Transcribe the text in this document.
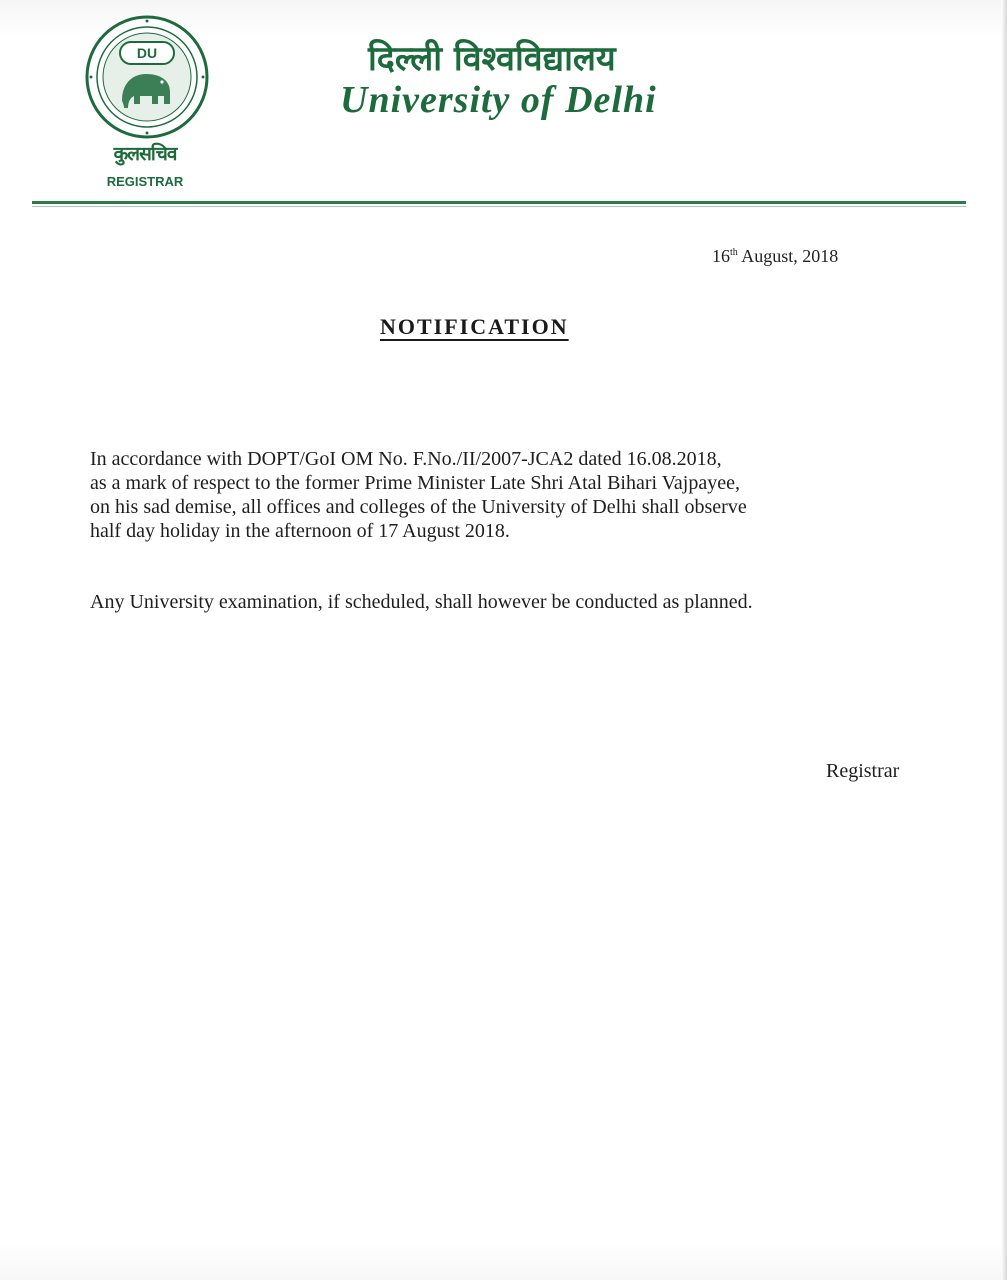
DU
कुलसचिव
REGISTRAR
दिल्ली विश्वविद्यालय
University of Delhi
16th August, 2018
NOTIFICATION
In accordance with DOPT/GoI OM No. F.No./II/2007-JCA2 dated 16.08.2018,
as a mark of respect to the former Prime Minister Late Shri Atal Bihari Vajpayee,
on his sad demise, all offices and colleges of the University of Delhi shall observe
half day holiday in the afternoon of 17 August 2018.
Any University examination, if scheduled, shall however be conducted as planned.
Registrar
